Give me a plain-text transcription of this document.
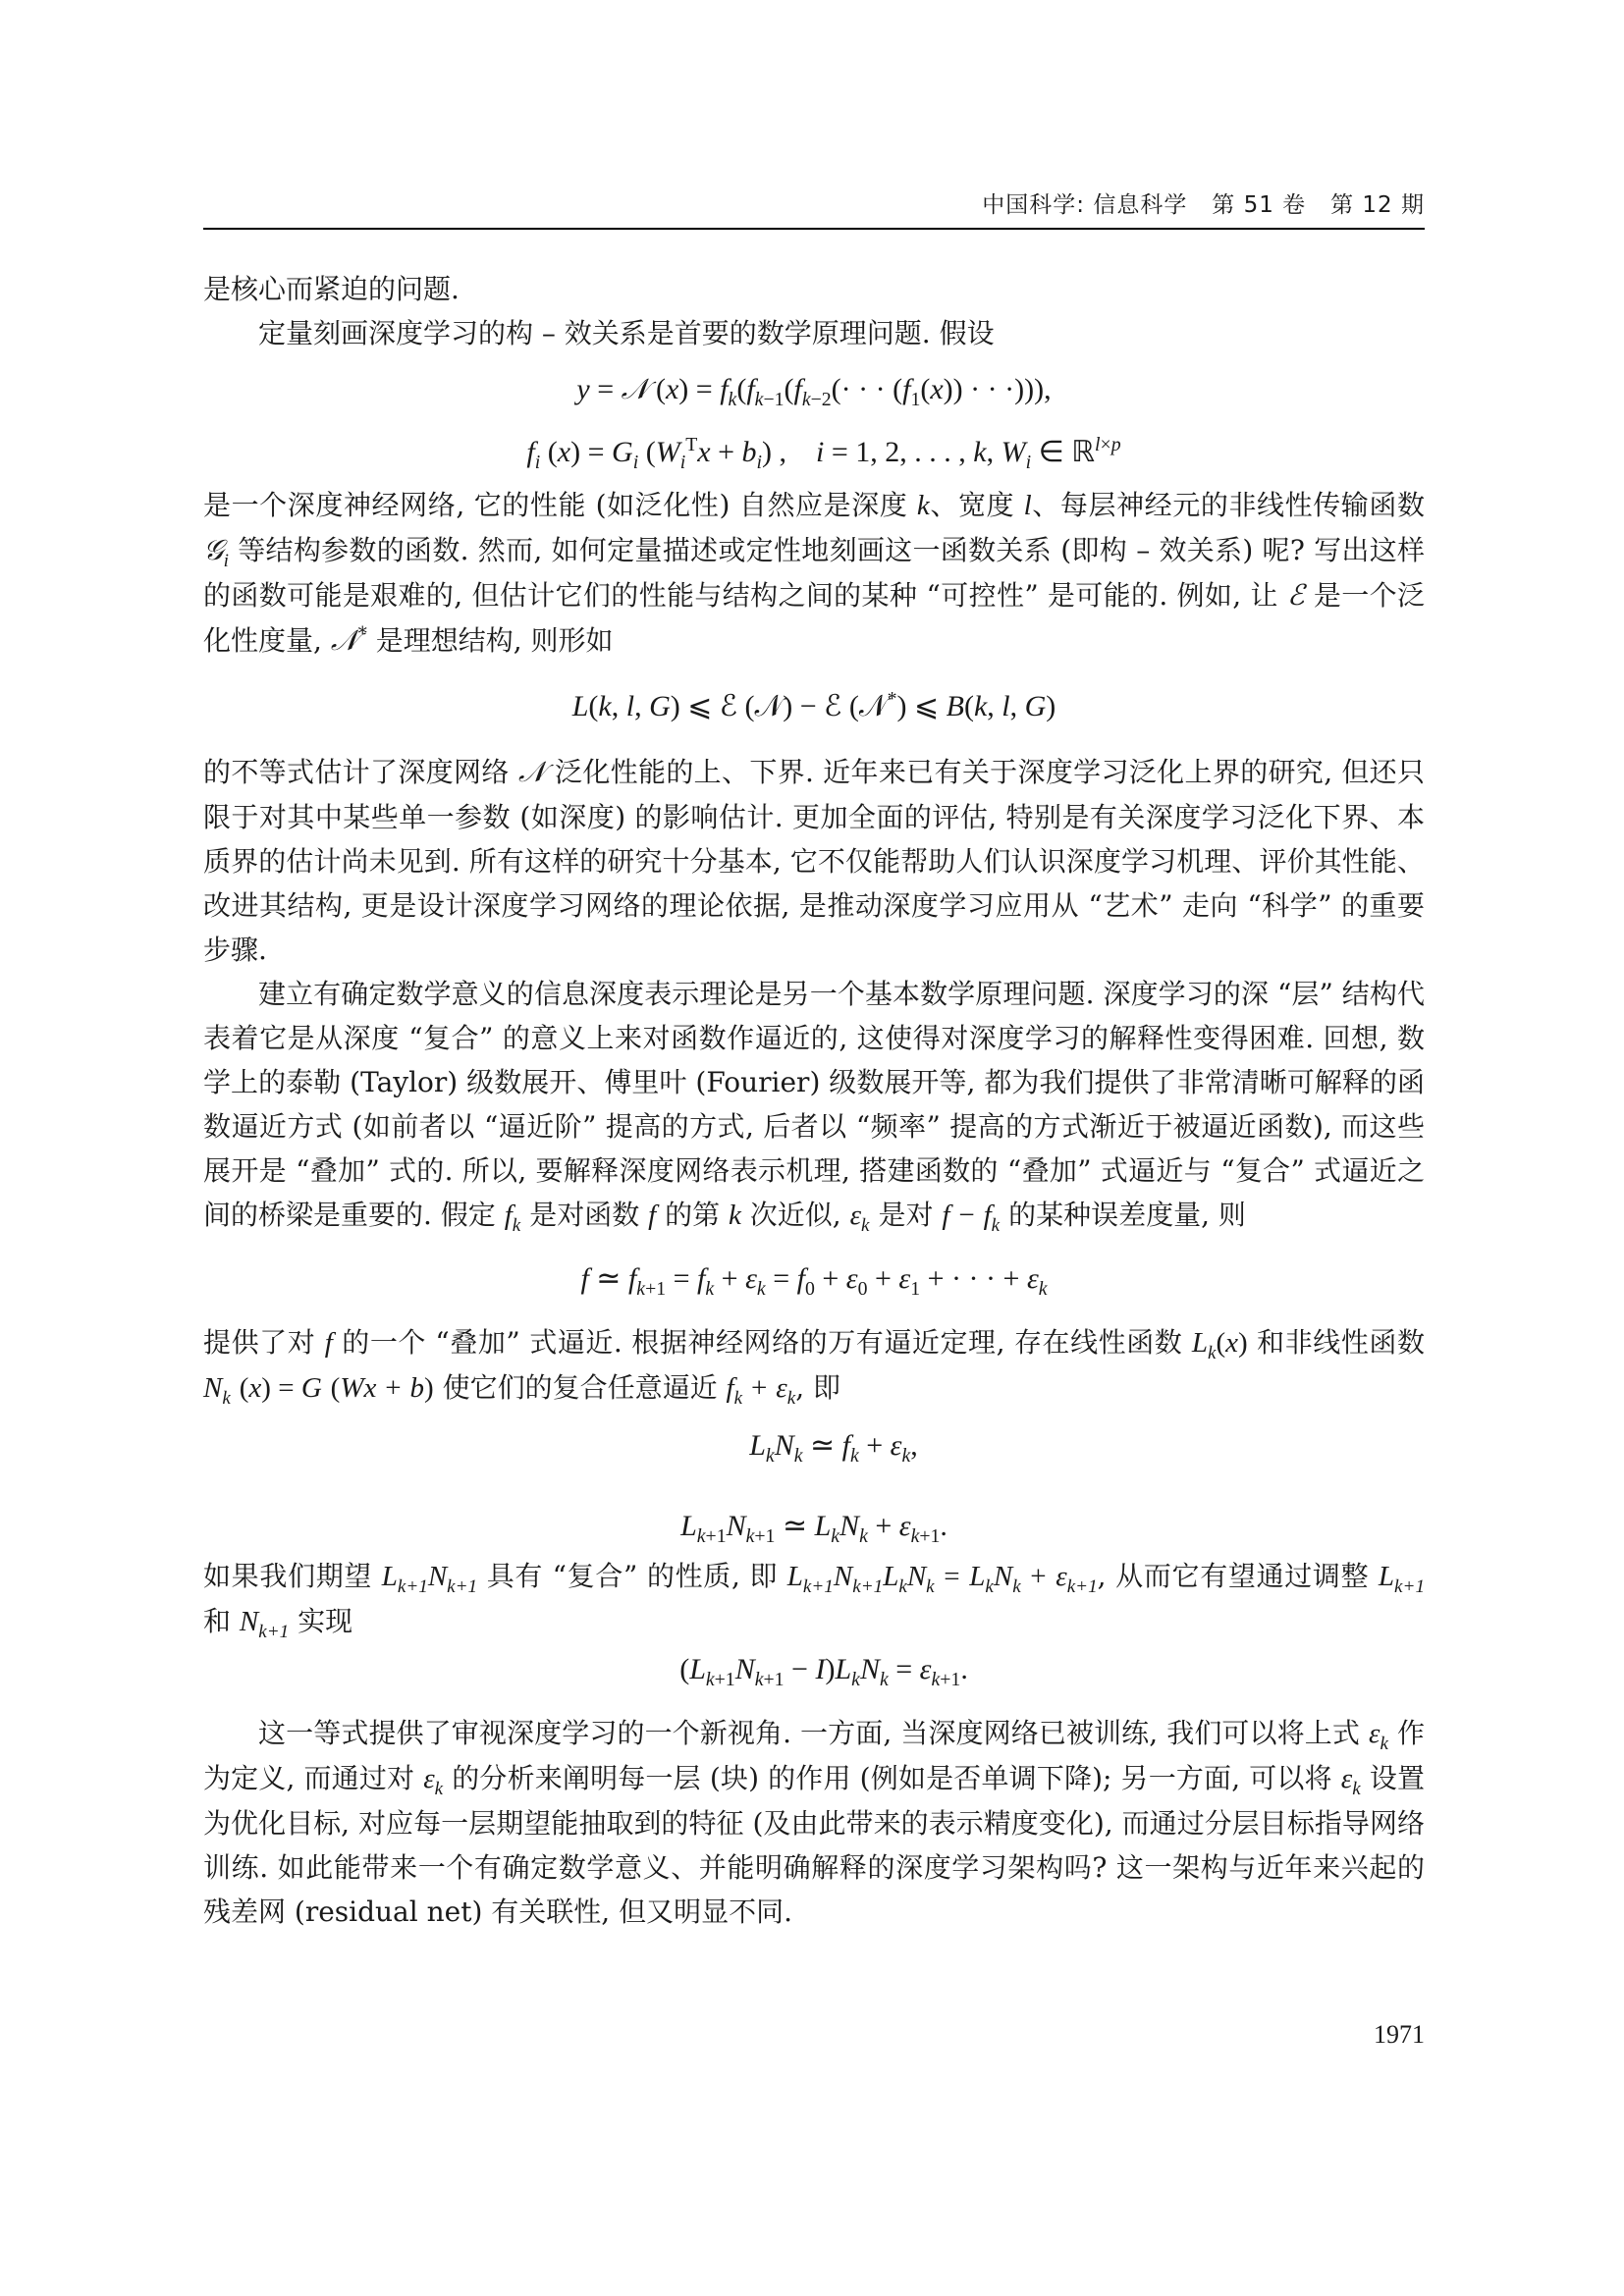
中国科学: 信息科学 第 51 卷 第 12 期

是核心而紧迫的问题.

定量刻画深度学习的构 – 效关系是首要的数学原理问题. 假设

y = 𝒩 $(x) = f_k(f_{k-1}(f_{k-2}(\cdot$ · · $(f_1(x))$ · · ·))),
$f_i$ $(x) = G_i$ $(W_i^Tx + b_i)$ ,    i = 1, 2, . . . , k, $W_i$ ∈ ℝ$^{l\times p}$

是一个深度神经网络, 它的性能 (如泛化性) 自然应是深度 k、宽度 l、每层神经元的非线性传输函数 𝒢$_i$ 等结构参数的函数. 然而, 如何定量描述或定性地刻画这一函数关系 (即构 – 效关系) 呢? 写出这样的函数可能是艰难的, 但估计它们的性能与结构之间的某种 “可控性” 是可能的. 例如, 让 ℰ 是一个泛化性度量, 𝒩* 是理想结构, 则形如

L(k, l, G) ⩽ ℰ (𝒩) − ℰ (𝒩*) ⩽ B(k, l, G)

的不等式估计了深度网络 𝒩 泛化性能的上、下界. 近年来已有关于深度学习泛化上界的研究, 但还只限于对其中某些单一参数 (如深度) 的影响估计. 更加全面的评估, 特别是有关深度学习泛化下界、本质界的估计尚未见到. 所有这样的研究十分基本, 它不仅能帮助人们认识深度学习机理、评价其性能、改进其结构, 更是设计深度学习网络的理论依据, 是推动深度学习应用从 “艺术” 走向 “科学” 的重要步骤.

建立有确定数学意义的信息深度表示理论是另一个基本数学原理问题. 深度学习的深 “层” 结构代表着它是从深度 “复合” 的意义上来对函数作逼近的, 这使得对深度学习的解释性变得困难. 回想, 数学上的泰勒 (Taylor) 级数展开、傅里叶 (Fourier) 级数展开等, 都为我们提供了非常清晰可解释的函数逼近方式 (如前者以 “逼近阶” 提高的方式, 后者以 “频率” 提高的方式渐近于被逼近函数), 而这些展开是 “叠加” 式的. 所以, 要解释深度网络表示机理, 搭建函数的 “叠加” 式逼近与 “复合” 式逼近之间的桥梁是重要的. 假定 $f_k$ 是对函数 f 的第 k 次近似, $\varepsilon_k$ 是对 $f - f_k$ 的某种误差度量, 则

f ≃ $f_{k+1} = f_k + \varepsilon_k = f_0 + \varepsilon_0 + \varepsilon_1$ + · · · + $\varepsilon_k$

提供了对 f 的一个 “叠加” 式逼近. 根据神经网络的万有逼近定理, 存在线性函数 $L_k(x)$ 和非线性函数 $N_k$ (x) = G (Wx + b) 使它们的复合任意逼近 $f_k + \varepsilon_k$, 即

$L_kN_k$ ≃ $f_k + \varepsilon_k$,
$L_{k+1}N_{k+1}$ ≃ $L_kN_k + \varepsilon_{k+1}$.

如果我们期望 $L_{k+1}N_{k+1}$ 具有 “复合” 的性质, 即 $L_{k+1}N_{k+1}L_kN_k = L_kN_k + \varepsilon_{k+1}$, 从而它有望通过调整 $L_{k+1}$ 和 $N_{k+1}$ 实现

$(L_{k+1}N_{k+1} - I)L_kN_k = \varepsilon_{k+1}$.

这一等式提供了审视深度学习的一个新视角. 一方面, 当深度网络已被训练, 我们可以将上式 $\varepsilon_k$ 作为定义, 而通过对 $\varepsilon_k$ 的分析来阐明每一层 (块) 的作用 (例如是否单调下降); 另一方面, 可以将 $\varepsilon_k$ 设置为优化目标, 对应每一层期望能抽取到的特征 (及由此带来的表示精度变化), 而通过分层目标指导网络训练. 如此能带来一个有确定数学意义、并能明确解释的深度学习架构吗? 这一架构与近年来兴起的残差网 (residual net) 有关联性, 但又明显不同.

1971
